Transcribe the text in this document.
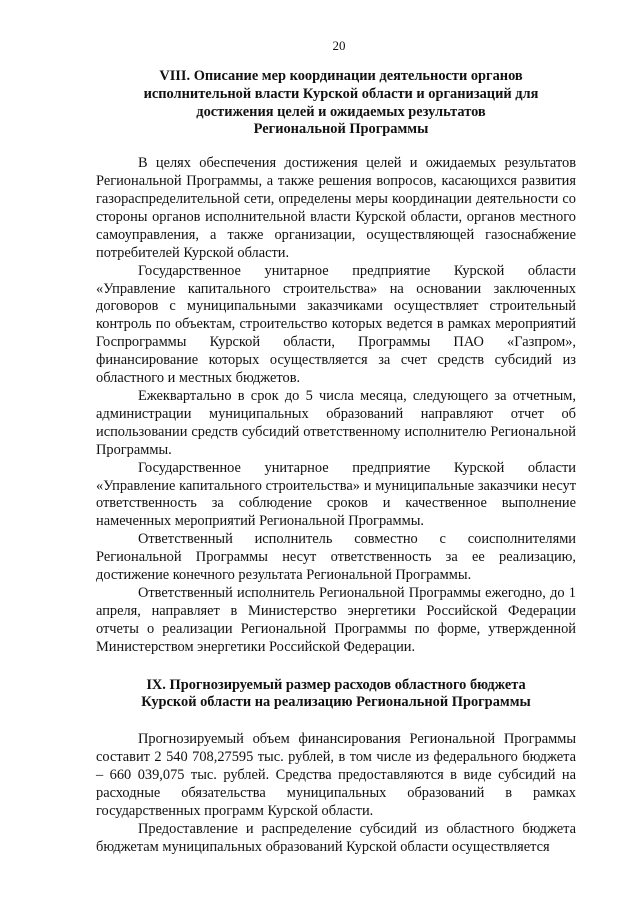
20
VIII. Описание мер координации деятельности органов
исполнительной власти Курской области и организаций для
достижения целей и ожидаемых результатов
Региональной Программы

В целях обеспечения достижения целей и ожидаемых результатов Региональной Программы, а также решения вопросов, касающихся развития газораспределительной сети, определены меры координации деятельности со стороны органов исполнительной власти Курской области, органов местного самоуправления, а также организации, осуществляющей газоснабжение потребителей Курской области.

Государственное унитарное предприятие Курской области «Управление капитального строительства» на основании заключенных договоров с муниципальными заказчиками осуществляет строительный контроль по объектам, строительство которых ведется в рамках мероприятий Госпрограммы Курской области, Программы ПАО «Газпром», финансирование которых осуществляется за счет средств субсидий из областного и местных бюджетов.

Ежеквартально в срок до 5 числа месяца, следующего за отчетным, администрации муниципальных образований направляют отчет об использовании средств субсидий ответственному исполнителю Региональной Программы.

Государственное унитарное предприятие Курской области «Управление капитального строительства» и муниципальные заказчики несут ответственность за соблюдение сроков и качественное выполнение намеченных мероприятий Региональной Программы.

Ответственный исполнитель совместно с соисполнителями Региональной Программы несут ответственность за ее реализацию, достижение конечного результата Региональной Программы.

Ответственный исполнитель Региональной Программы ежегодно, до 1 апреля, направляет в Министерство энергетики Российской Федерации отчеты о реализации Региональной Программы по форме, утвержденной Министерством энергетики Российской Федерации.

IX. Прогнозируемый размер расходов областного бюджета
Курской области на реализацию Региональной Программы

Прогнозируемый объем финансирования Региональной Программы составит 2 540 708,27595 тыс. рублей, в том числе из федерального бюджета – 660 039,075 тыс. рублей. Средства предоставляются в виде субсидий на расходные обязательства муниципальных образований в рамках государственных программ Курской области.

Предоставление и распределение субсидий из областного бюджета бюджетам муниципальных образований Курской области осуществляется
